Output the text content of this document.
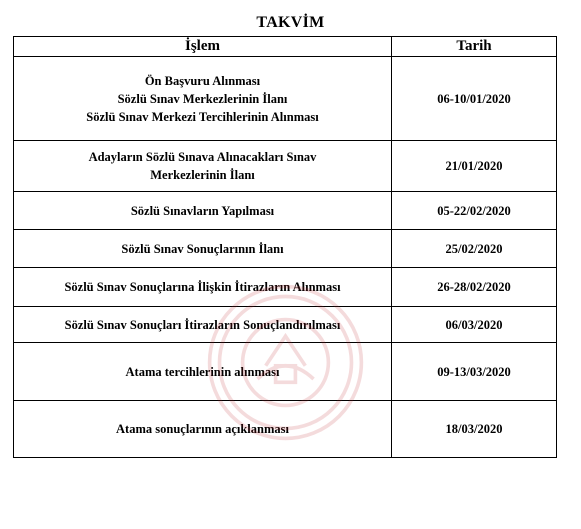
TAKVİM
İşlem	Tarih
Ön Başvuru Alınması
Sözlü Sınav Merkezlerinin İlanı
Sözlü Sınav Merkezi Tercihlerinin Alınması	06-10/01/2020
Adayların Sözlü Sınava Alınacakları Sınav
Merkezlerinin İlanı	21/01/2020
Sözlü Sınavların Yapılması	05-22/02/2020
Sözlü Sınav Sonuçlarının İlanı	25/02/2020
Sözlü Sınav Sonuçlarına İlişkin İtirazların Alınması	26-28/02/2020
Sözlü Sınav Sonuçları İtirazların Sonuçlandırılması	06/03/2020
Atama tercihlerinin alınması	09-13/03/2020
Atama sonuçlarının açıklanması	18/03/2020
